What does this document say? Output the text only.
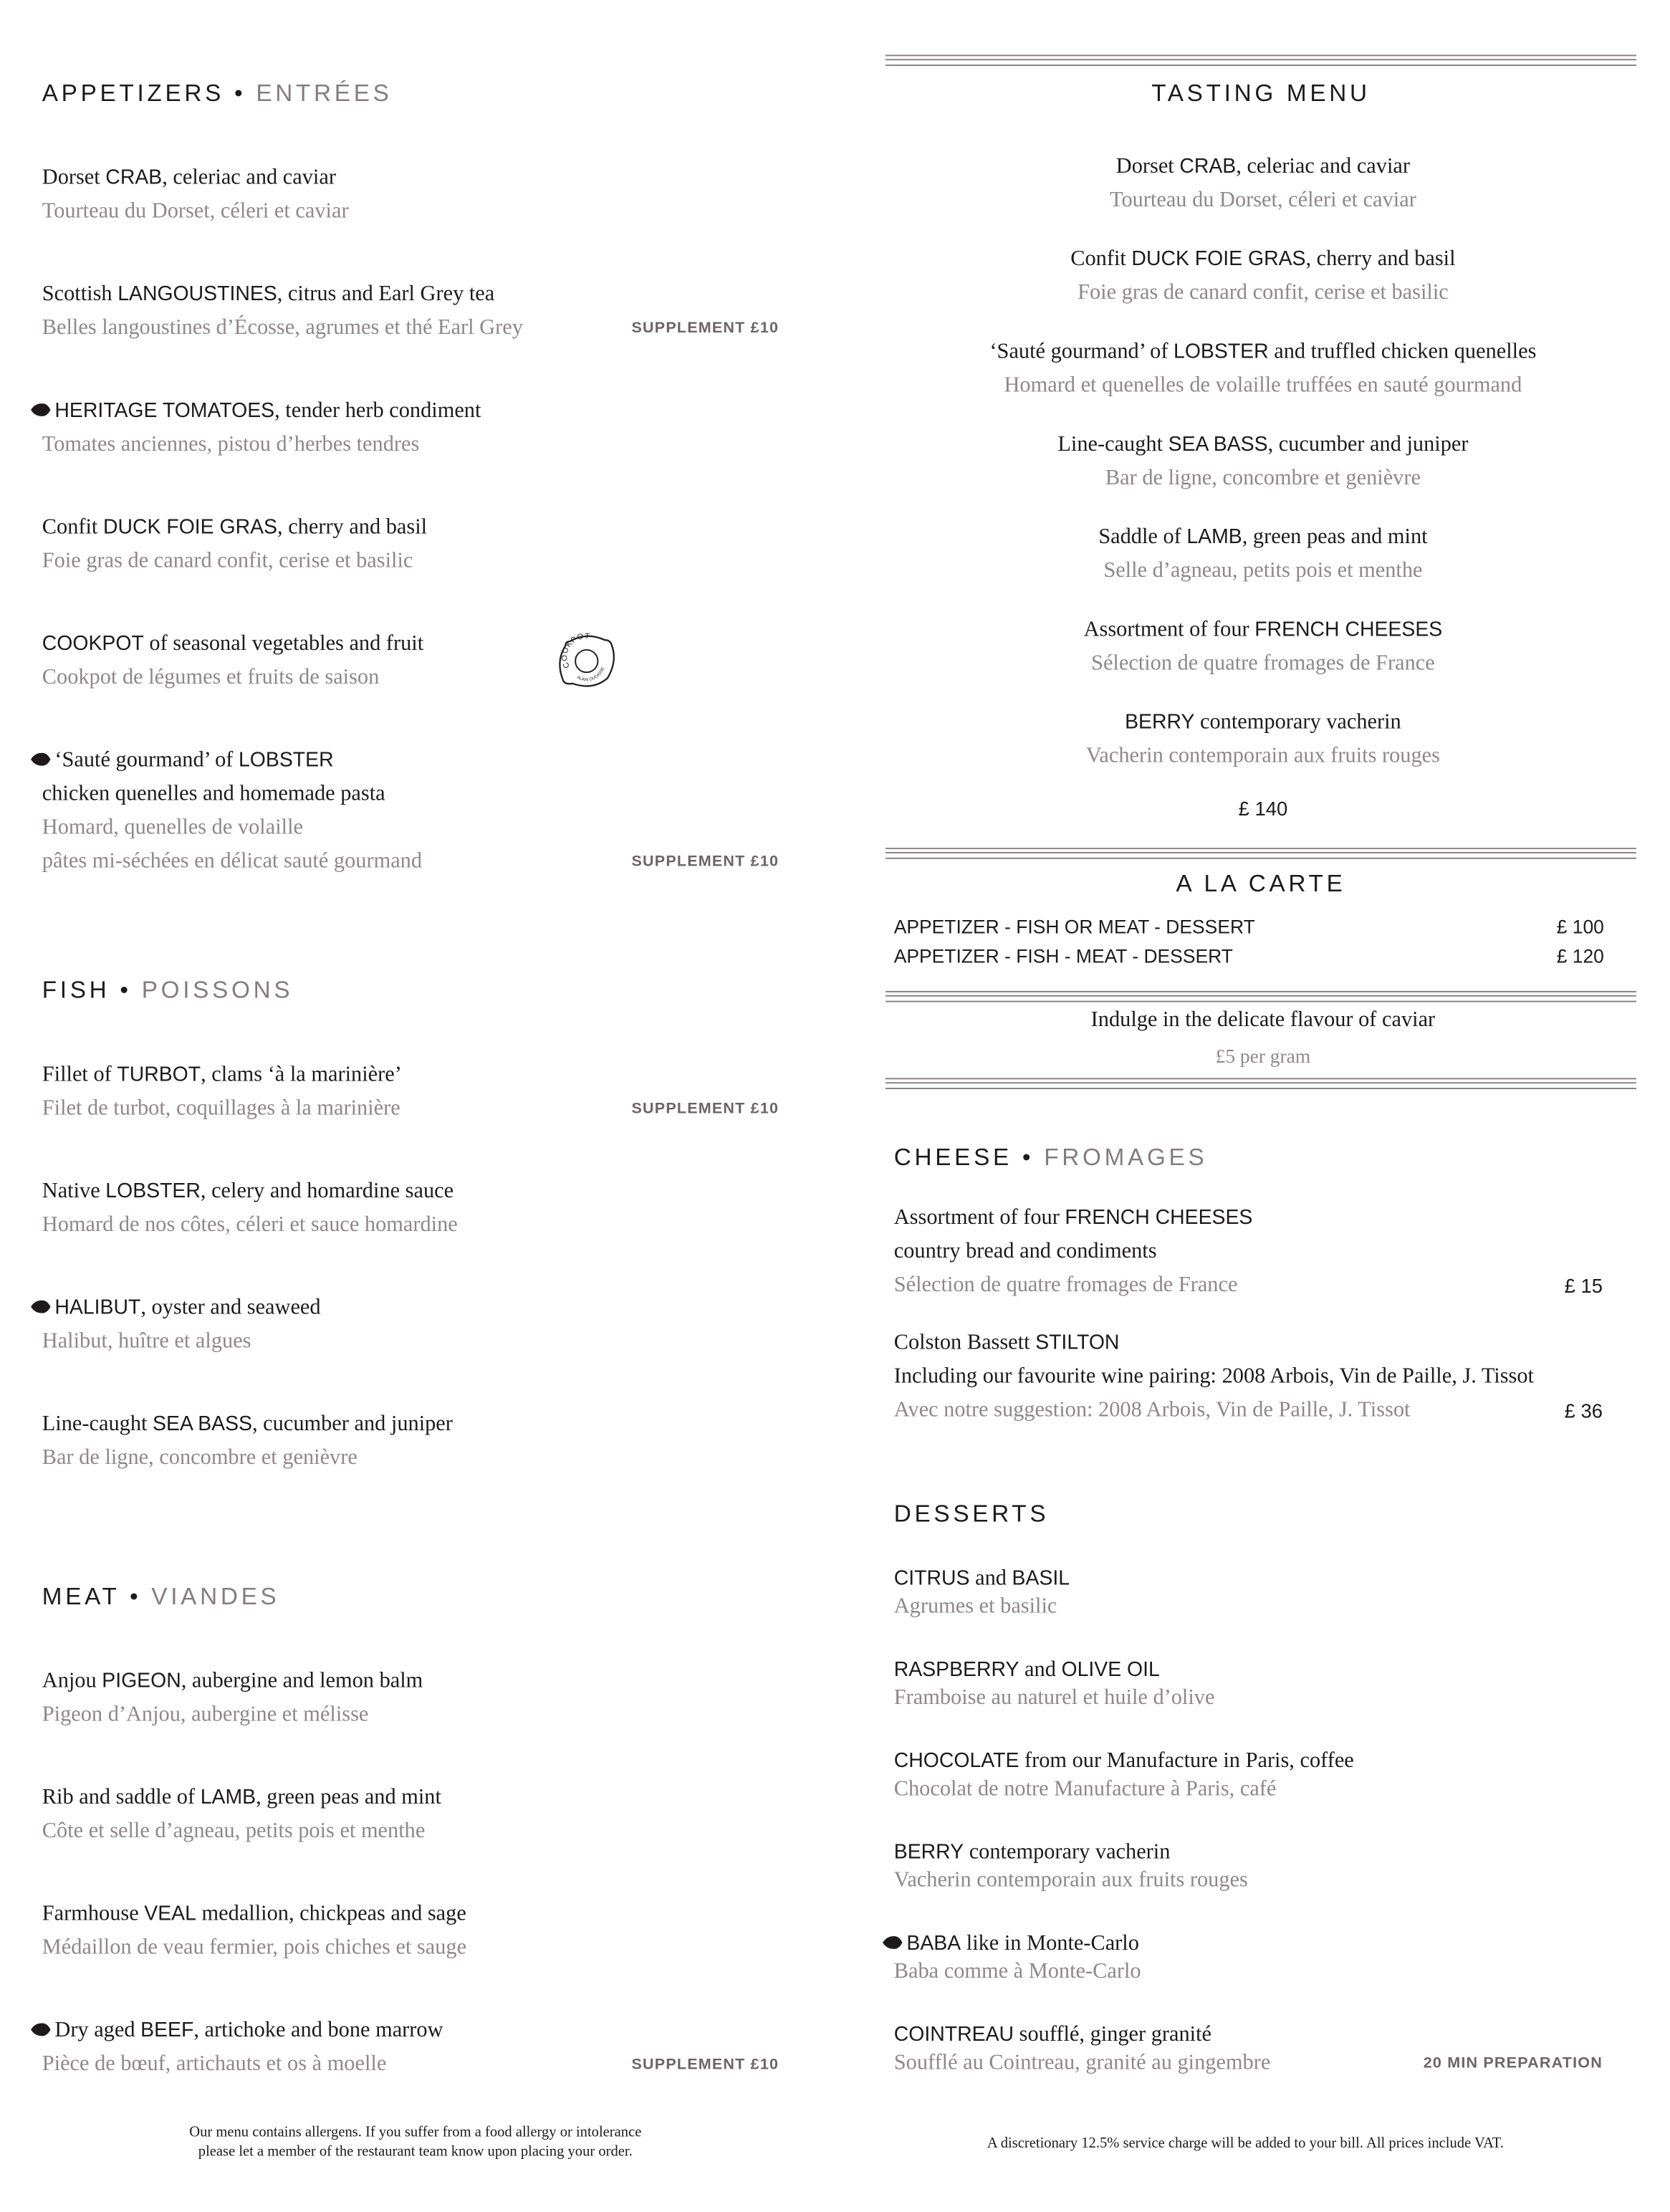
APPETIZERS • ENTRÉES
Dorset CRAB, celeriac and caviar
Tourteau du Dorset, céleri et caviar
Scottish LANGOUSTINES, citrus and Earl Grey tea
Belles langoustines d’Écosse, agrumes et thé Earl Grey	SUPPLEMENT £10
HERITAGE TOMATOES, tender herb condiment
Tomates anciennes, pistou d’herbes tendres
Confit DUCK FOIE GRAS, cherry and basil
Foie gras de canard confit, cerise et basilic
COOKPOT of seasonal vegetables and fruit
Cookpot de légumes et fruits de saison
‘Sauté gourmand’ of LOBSTER
chicken quenelles and homemade pasta
Homard, quenelles de volaille
pâtes mi-séchées en délicat sauté gourmand	SUPPLEMENT £10
COOKPOT
ALAIN DUCASSE
FISH • POISSONS
Fillet of TURBOT, clams ‘à la marinière’
Filet de turbot, coquillages à la marinière	SUPPLEMENT £10
Native LOBSTER, celery and homardine sauce
Homard de nos côtes, céleri et sauce homardine
HALIBUT, oyster and seaweed
Halibut, huître et algues
Line-caught SEA BASS, cucumber and juniper
Bar de ligne, concombre et genièvre
MEAT • VIANDES
Anjou PIGEON, aubergine and lemon balm
Pigeon d’Anjou, aubergine et mélisse
Rib and saddle of LAMB, green peas and mint
Côte et selle d’agneau, petits pois et menthe
Farmhouse VEAL medallion, chickpeas and sage
Médaillon de veau fermier, pois chiches et sauge
Dry aged BEEF, artichoke and bone marrow
Pièce de bœuf, artichauts et os à moelle	SUPPLEMENT £10
Our menu contains allergens. If you suffer from a food allergy or intolerance
please let a member of the restaurant team know upon placing your order.
TASTING MENU
Dorset CRAB, celeriac and caviar
Tourteau du Dorset, céleri et caviar
Confit DUCK FOIE GRAS, cherry and basil
Foie gras de canard confit, cerise et basilic
‘Sauté gourmand’ of LOBSTER and truffled chicken quenelles
Homard et quenelles de volaille truffées en sauté gourmand
Line-caught SEA BASS, cucumber and juniper
Bar de ligne, concombre et genièvre
Saddle of LAMB, green peas and mint
Selle d’agneau, petits pois et menthe
Assortment of four FRENCH CHEESES
Sélection de quatre fromages de France
BERRY contemporary vacherin
Vacherin contemporain aux fruits rouges
£ 140
A LA CARTE
APPETIZER - FISH OR MEAT - DESSERT	£ 100
APPETIZER - FISH - MEAT - DESSERT	£ 120
Indulge in the delicate flavour of caviar
£5 per gram
CHEESE • FROMAGES
Assortment of four FRENCH CHEESES
country bread and condiments
Sélection de quatre fromages de France	£ 15
Colston Bassett STILTON
Including our favourite wine pairing: 2008 Arbois, Vin de Paille, J. Tissot
Avec notre suggestion: 2008 Arbois, Vin de Paille, J. Tissot	£ 36
DESSERTS
CITRUS and BASIL
Agrumes et basilic
RASPBERRY and OLIVE OIL
Framboise au naturel et huile d’olive
CHOCOLATE from our Manufacture in Paris, coffee
Chocolat de notre Manufacture à Paris, café
BERRY contemporary vacherin
Vacherin contemporain aux fruits rouges
BABA like in Monte-Carlo
Baba comme à Monte-Carlo
COINTREAU soufflé, ginger granité
Soufflé au Cointreau, granité au gingembre	20 MIN PREPARATION
A discretionary 12.5% service charge will be added to your bill. All prices include VAT.
